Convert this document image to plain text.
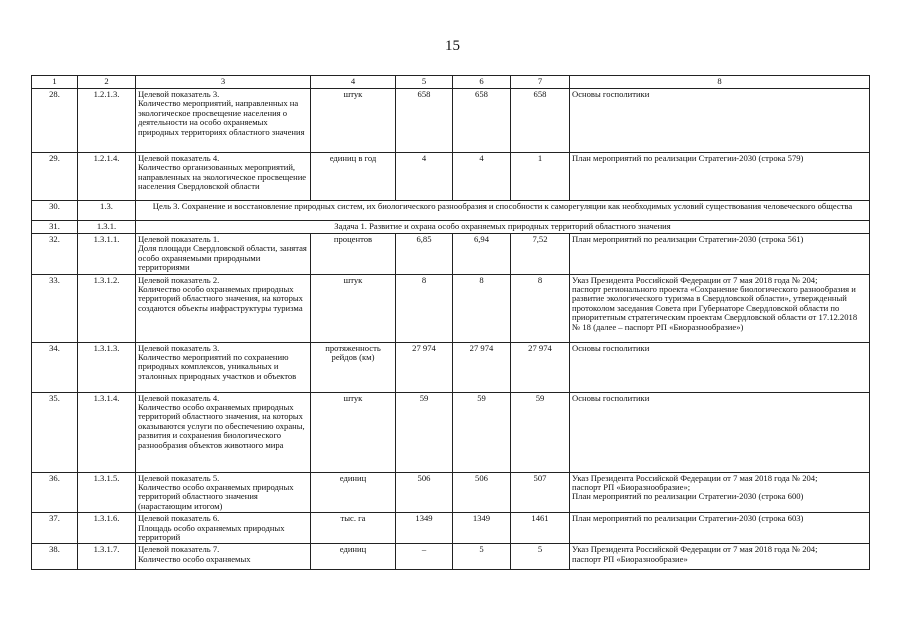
15
1	2	3	4	5	6	7	8
28.	1.2.1.3.	Целевой показатель 3.
Количество мероприятий, направленных на экологическое просвещение населения о деятельности на особо охраняемых природных территориях областного значения	штук	658	658	658	Основы госполитики
29.	1.2.1.4.	Целевой показатель 4.
Количество организованных мероприятий, направленных на экологическое просвещение населения Свердловской области	единиц в год	4	4	1	План мероприятий по реализации Стратегии-2030 (строка 579)
30.	1.3.	Цель 3. Сохранение и восстановление природных систем, их биологического разнообразия и способности к саморегуляции как необходимых условий существования человеческого общества					
31.	1.3.1.	Задача 1. Развитие и охрана особо охраняемых природных территорий областного значения					
32.	1.3.1.1.	Целевой показатель 1.
Доля площади Свердловской области, занятая особо охраняемыми природными территориями	процентов	6,85	6,94	7,52	План мероприятий по реализации Стратегии-2030 (строка 561)
33.	1.3.1.2.	Целевой показатель 2.
Количество особо охраняемых природных территорий областного значения, на которых создаются объекты инфраструктуры туризма	штук	8	8	8	Указ Президента Российской Федерации от 7 мая 2018 года № 204;
паспорт регионального проекта «Сохранение биологического разнообразия и развитие экологического туризма в Свердловской области», утвержденный протоколом заседания Совета при Губернаторе Свердловской области по приоритетным стратегическим проектам Свердловской области от 17.12.2018 № 18 (далее – паспорт РП «Биоразнообразие»)
34.	1.3.1.3.	Целевой показатель 3.
Количество мероприятий по сохранению природных комплексов, уникальных и эталонных природных участков и объектов	протяженность рейдов (км)	27 974	27 974	27 974	Основы госполитики
35.	1.3.1.4.	Целевой показатель 4.
Количество особо охраняемых природных территорий областного значения, на которых оказываются услуги по обеспечению охраны, развития и сохранения биологического разнообразия объектов животного мира	штук	59	59	59	Основы госполитики
36.	1.3.1.5.	Целевой показатель 5.
Количество особо охраняемых природных территорий областного значения (нарастающим итогом)	единиц	506	506	507	Указ Президента Российской Федерации от 7 мая 2018 года № 204;
паспорт РП «Биоразнообразие»;
План мероприятий по реализации Стратегии-2030 (строка 600)
37.	1.3.1.6.	Целевой показатель 6.
Площадь особо охраняемых природных территорий	тыс. га	1349	1349	1461	План мероприятий по реализации Стратегии-2030 (строка 603)
38.	1.3.1.7.	Целевой показатель 7.
Количество особо охраняемых	единиц	–	5	5	Указ Президента Российской Федерации от 7 мая 2018 года № 204;
паспорт РП «Биоразнообразие»
